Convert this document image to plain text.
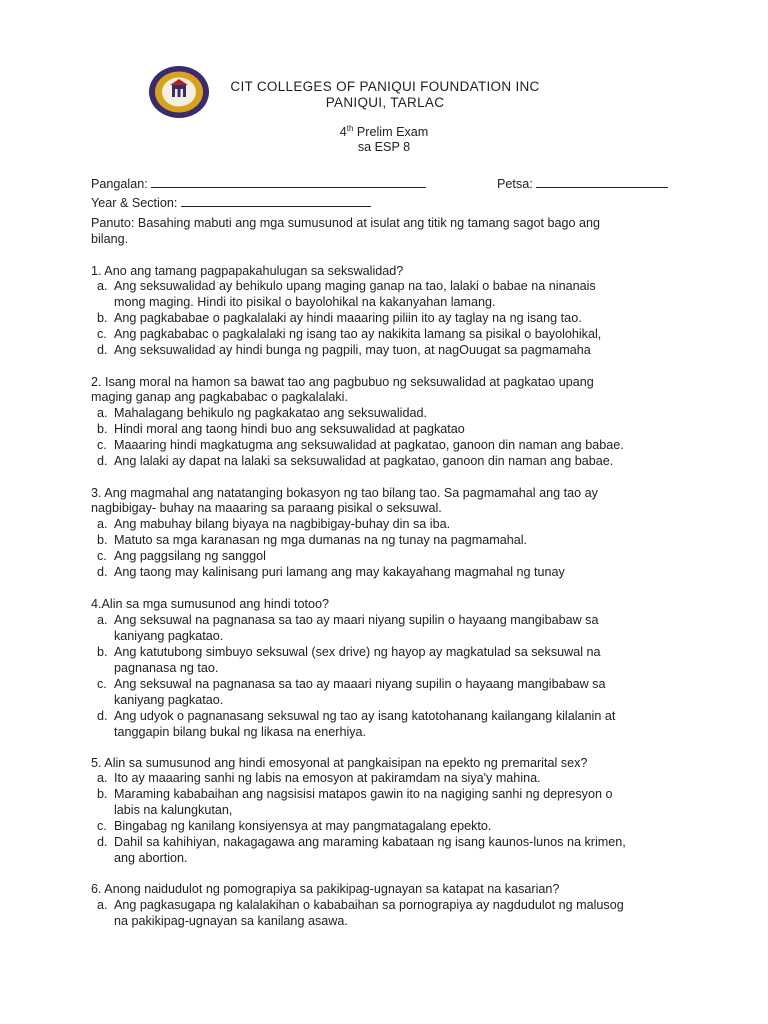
CIT COLLEGES OF PANIQUI FOUNDATION INC
PANIQUI, TARLAC
4th Prelim Exam
sa ESP 8
Pangalan:	Petsa:
Year & Section:
Panuto: Basahing mabuti ang mga sumusunod at isulat ang titik ng tamang sagot bago ang
bilang.
1. Ano ang tamang pagpapakahulugan sa sekswalidad?
a. Ang seksuwalidad ay behikulo upang maging ganap na tao, lalaki o babae na ninanais
mong maging. Hindi ito pisikal o bayolohikal na kakanyahan lamang.
b. Ang pagkababae o pagkalalaki ay hindi maaaring piliin ito ay taglay na ng isang tao.
c. Ang pagkababac o pagkalalaki ng isang tao ay nakikita lamang sa pisikal o bayolohikal,
d. Ang seksuwalidad ay hindi bunga ng pagpili, may tuon, at nagOuugat sa pagmamaha
2. Isang moral na hamon sa bawat tao ang pagbubuo ng seksuwalidad at pagkatao upang
maging ganap ang pagkababac o pagkalalaki.
a. Mahalagang behikulo ng pagkakatao ang seksuwalidad.
b. Hindi moral ang taong hindi buo ang seksuwalidad at pagkatao
c. Maaaring hindi magkatugma ang seksuwalidad at pagkatao, ganoon din naman ang babae.
d. Ang lalaki ay dapat na lalaki sa seksuwalidad at pagkatao, ganoon din naman ang babae.
3. Ang magmahal ang natatanging bokasyon ng tao bilang tao. Sa pagmamahal ang tao ay
nagbibigay- buhay na maaaring sa paraang pisikal o seksuwal.
a. Ang mabuhay bilang biyaya na nagbibigay-buhay din sa iba.
b. Matuto sa mga karanasan ng mga dumanas na ng tunay na pagmamahal.
c. Ang paggsilang ng sanggol
d. Ang taong may kalinisang puri lamang ang may kakayahang magmahal ng tunay
4.Alin sa mga sumusunod ang hindi totoo?
a. Ang seksuwal na pagnanasa sa tao ay maari niyang supilin o hayaang mangibabaw sa
kaniyang pagkatao.
b. Ang katutubong simbuyo seksuwal (sex drive) ng hayop ay magkatulad sa seksuwal na
pagnanasa ng tao.
c. Ang seksuwal na pagnanasa sa tao ay maaari niyang supilin o hayaang mangibabaw sa
kaniyang pagkatao.
d. Ang udyok o pagnanasang seksuwal ng tao ay isang katotohanang kailangang kilalanin at
tanggapin bilang bukal ng likasa na enerhiya.
5. Alin sa sumusunod ang hindi emosyonal at pangkaisipan na epekto ng premarital sex?
a. Ito ay maaaring sanhi ng labis na emosyon at pakiramdam na siya'y mahina.
b. Maraming kababaihan ang nagsisisi matapos gawin ito na nagiging sanhi ng depresyon o
labis na kalungkutan,
c. Bingabag ng kanilang konsiyensya at may pangmatagalang epekto.
d. Dahil sa kahihiyan, nakagagawa ang maraming kabataan ng isang kaunos-lunos na krimen,
ang abortion.
6. Anong naidudulot ng pomograpiya sa pakikipag-ugnayan sa katapat na kasarian?
a. Ang pagkasugapa ng kalalakihan o kababaihan sa pornograpiya ay nagdudulot ng malusog
na pakikipag-ugnayan sa kanilang asawa.
